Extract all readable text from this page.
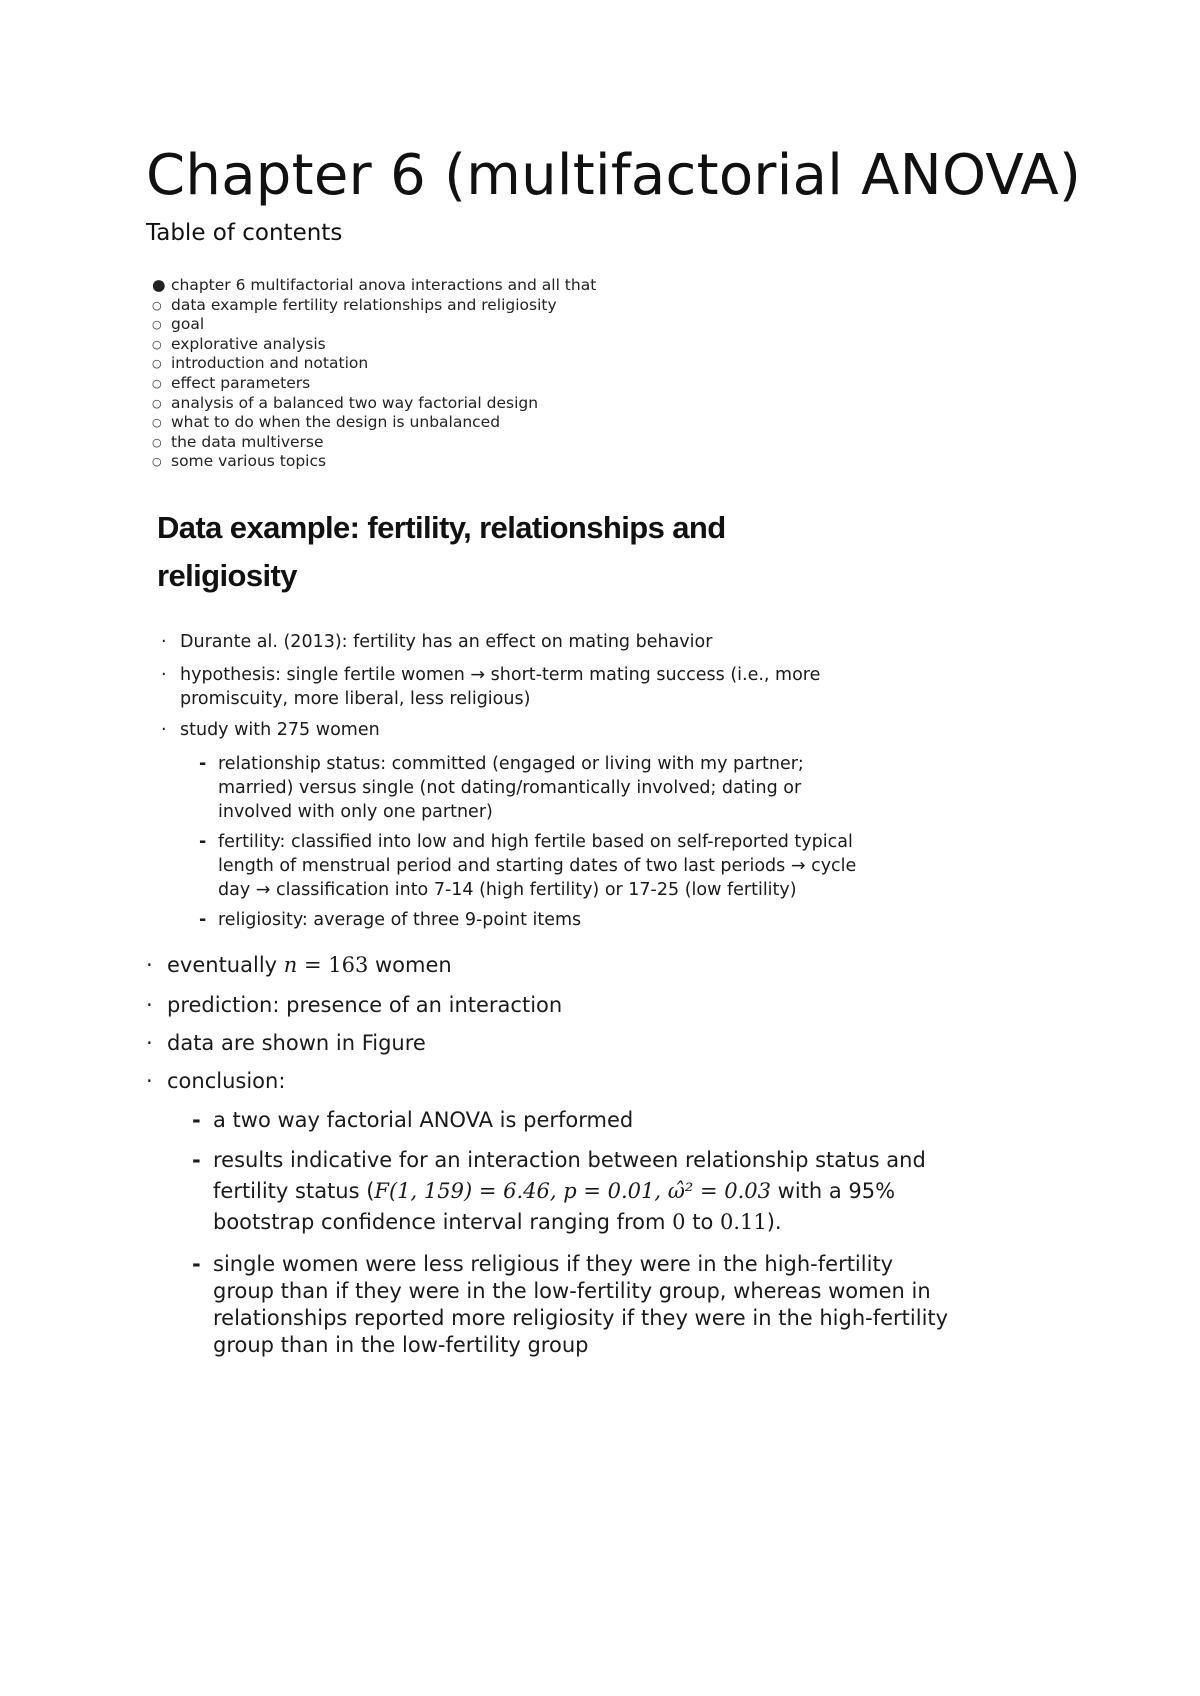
Chapter 6 (multifactorial ANOVA)
Table of contents
● chapter 6 multifactorial anova interactions and all that
○ data example fertility relationships and religiosity
○ goal
○ explorative analysis
○ introduction and notation
○ effect parameters
○ analysis of a balanced two way factorial design
○ what to do when the design is unbalanced
○ the data multiverse
○ some various topics
Data example: fertility, relationships and religiosity

· Durante al. (2013): fertility has an effect on mating behavior

· hypothesis: single fertile women → short-term mating success (i.e., more promiscuity, more liberal, less religious)
· study with 275 women
- relationship status: committed (engaged or living with my partner; married) versus single (not dating/romantically involved; dating or involved with only one partner)
- fertility: classified into low and high fertile based on self-reported typical length of menstrual period and starting dates of two last periods → cycle day → classification into 7-14 (high fertility) or 17-25 (low fertility)
- religiosity: average of three 9-point items
· eventually n = 163 women
· prediction: presence of an interaction
· data are shown in Figure
· conclusion:
- a two way factorial ANOVA is performed
- results indicative for an interaction between relationship status and fertility status (F(1, 159) = 6.46, p = 0.01, ω̂² = 0.03 with a 95% bootstrap confidence interval ranging from 0 to 0.11).
- single women were less religious if they were in the high-fertility group than if they were in the low-fertility group, whereas women in relationships reported more religiosity if they were in the high-fertility group than in the low-fertility group
